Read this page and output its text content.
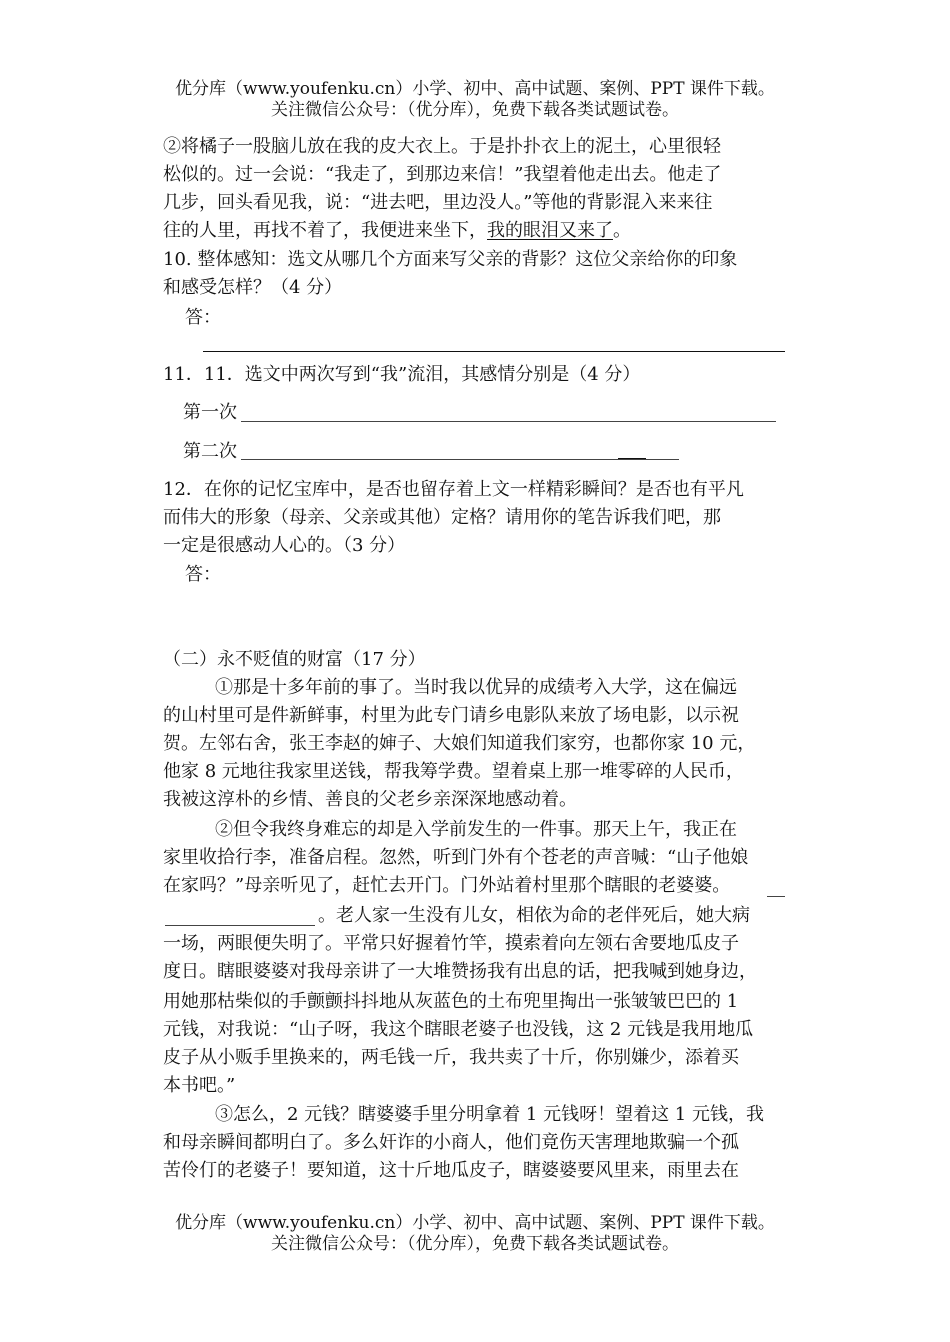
优分库（www.youfenku.cn）小学、初中、高中试题、案例、PPT 课件下载。
关注微信公众号：（优分库），免费下载各类试题试卷。
②将橘子一股脑儿放在我的皮大衣上。于是扑扑衣上的泥土，心里很轻
松似的。过一会说：“我走了，到那边来信！”我望着他走出去。他走了
几步，回头看见我，说：“进去吧，里边没人。”等他的背影混入来来往
往的人里，再找不着了，我便进来坐下，我的眼泪又来了。
10. 整体感知：选文从哪几个方面来写父亲的背影？这位父亲给你的印象
和感受怎样？（4 分）
答：
11．11．选文中两次写到“我”流泪，其感情分别是（4 分）
第一次
第二次
12．在你的记忆宝库中，是否也留存着上文一样精彩瞬间？是否也有平凡
而伟大的形象（母亲、父亲或其他）定格？请用你的笔告诉我们吧，那
一定是很感动人心的。（3 分）
答：
（二）永不贬值的财富（17 分）
①那是十多年前的事了。当时我以优异的成绩考入大学，这在偏远
的山村里可是件新鲜事，村里为此专门请乡电影队来放了场电影，以示祝
贺。左邻右舍，张王李赵的婶子、大娘们知道我们家穷，也都你家 10 元，
他家 8 元地往我家里送钱，帮我筹学费。望着桌上那一堆零碎的人民币，
我被这淳朴的乡情、善良的父老乡亲深深地感动着。
②但令我终身难忘的却是入学前发生的一件事。那天上午，我正在
家里收拾行李，准备启程。忽然，听到门外有个苍老的声音喊：“山子他娘
在家吗？”母亲听见了，赶忙去开门。门外站着村里那个瞎眼的老婆婆。
。老人家一生没有儿女，相依为命的老伴死后，她大病
一场，两眼便失明了。平常只好握着竹竿，摸索着向左领右舍要地瓜皮子
度日。瞎眼婆婆对我母亲讲了一大堆赞扬我有出息的话，把我喊到她身边，
用她那枯柴似的手颤颤抖抖地从灰蓝色的土布兜里掏出一张皱皱巴巴的 1
元钱，对我说：“山子呀，我这个瞎眼老婆子也没钱，这 2 元钱是我用地瓜
皮子从小贩手里换来的，两毛钱一斤，我共卖了十斤，你别嫌少，添着买
本书吧。”
③怎么，2 元钱？瞎婆婆手里分明拿着 1 元钱呀！望着这 1 元钱，我
和母亲瞬间都明白了。多么奸诈的小商人，他们竟伤天害理地欺骗一个孤
苦伶仃的老婆子！要知道，这十斤地瓜皮子，瞎婆婆要风里来，雨里去在
优分库（www.youfenku.cn）小学、初中、高中试题、案例、PPT 课件下载。
关注微信公众号：（优分库），免费下载各类试题试卷。
